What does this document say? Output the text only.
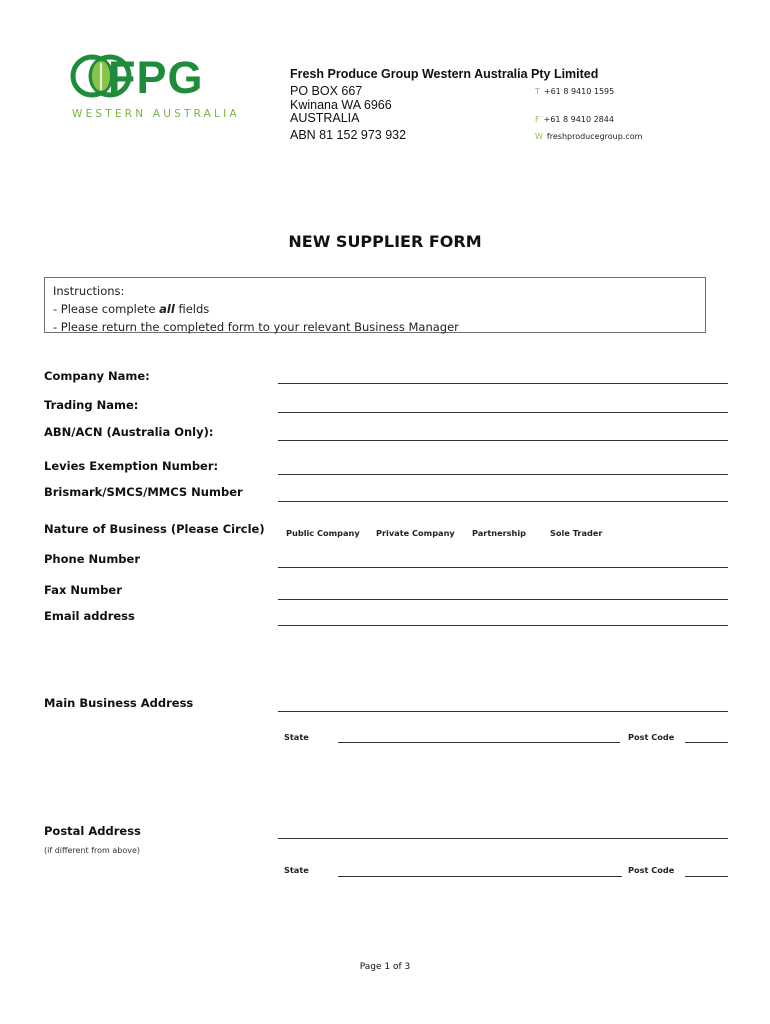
FPG
WESTERN AUSTRALIA
Fresh Produce Group Western Australia Pty Limited
PO BOX 667
Kwinana WA 6966
AUSTRALIA
ABN 81 152 973 932
T +61 8 9410 1595
F +61 8 9410 2844
W freshproducegroup.com
NEW SUPPLIER FORM
Instructions:
- Please complete all fields
- Please return the completed form to your relevant Business Manager
Company Name:
Trading Name:
ABN/ACN (Australia Only):
Levies Exemption Number:
Brismark/SMCS/MMCS Number
Nature of Business (Please Circle)
Phone Number
Fax Number
Email address
Main Business Address
Postal Address
(if different from above)
Public Company Private Company Partnership	Sole Trader
State	Post Code
State	Post Code
Page 1 of 3
